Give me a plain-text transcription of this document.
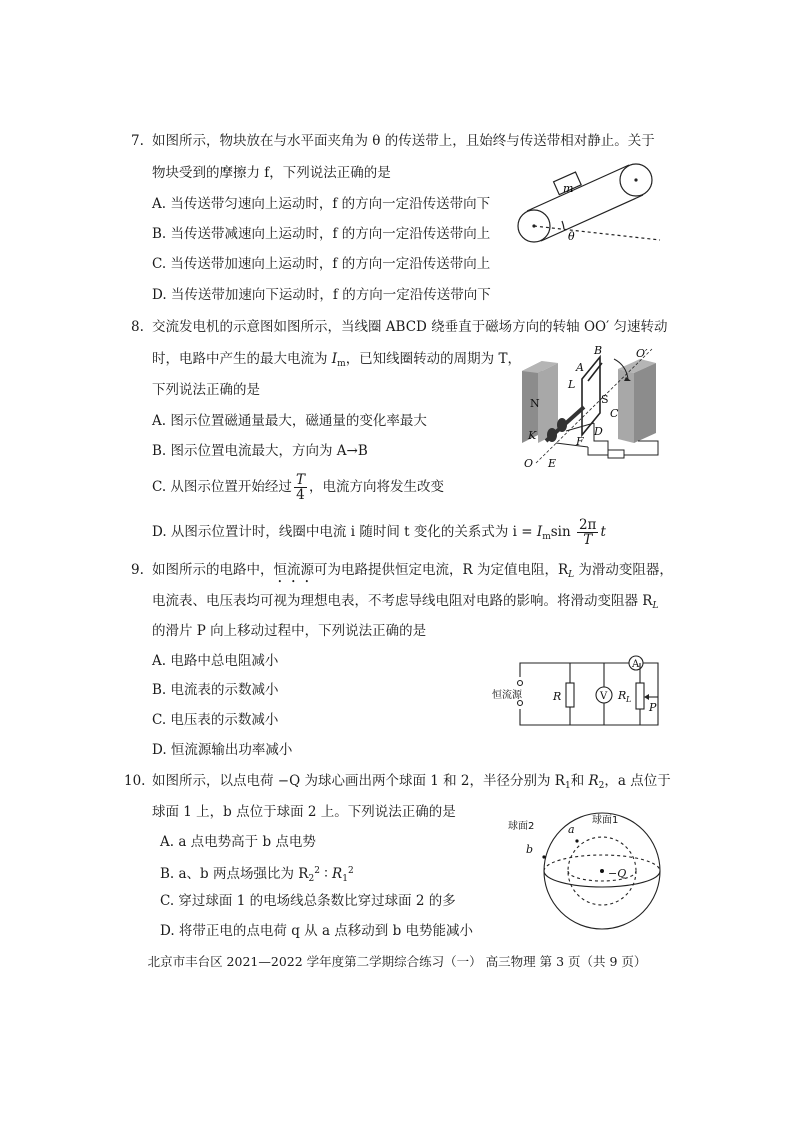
7. 如图所示，物块放在与水平面夹角为 θ 的传送带上，且始终与传送带相对静止。关于
物块受到的摩擦力 f，下列说法正确的是
A. 当传送带匀速向上运动时，f 的方向一定沿传送带向下
B. 当传送带减速向上运动时，f 的方向一定沿传送带向上
C. 当传送带加速向上运动时，f 的方向一定沿传送带向上
D. 当传送带加速向下运动时，f 的方向一定沿传送带向下
m
θ
8. 交流发电机的示意图如图所示，当线圈 ABCD 绕垂直于磁场方向的转轴 OO′ 匀速转动
时，电路中产生的最大电流为 $I_m$，已知线圈转动的周期为 T，
下列说法正确的是
A. 图示位置磁通量最大，磁通量的变化率最大
B. 图示位置电流最大，方向为 A→B
C. 从图示位置开始经过 $\frac{T}{4}$ ，电流方向将发生改变
D. 从图示位置计时，线圈中电流 i 随时间 t 变化的关系式为 $i = I_m\sin \frac{2\pi}{T}$ t
B	O′
A
N
L
S
C
D
K	F
O E
9. 如图所示的电路中，恒流源可为电路提供恒定电流，R 为定值电阻，$R_L$ 为滑动变阻器，
电流表、电压表均可视为理想电表，不考虑导线电阻对电路的影响。将滑动变阻器 $R_L$
的滑片 P 向上移动过程中，下列说法正确的是
A. 电路中总电阻减小
B. 电流表的示数减小
C. 电压表的示数减小
D. 恒流源输出功率减小
恒流源	R	V
A
R L
P
10. 如图所示，以点电荷 −Q 为球心画出两个球面 1 和 2，半径分别为 $R_1$和 $R_2$，a 点位于
球面 1 上，b 点位于球面 2 上。下列说法正确的是
A. a 点电势高于 b 点电势
B. a、b 两点场强比为 $R_2^2$ ∶ $R_1^2$
C. 穿过球面 1 的电场线总条数比穿过球面 2 的多
D. 将带正电的点电荷 q 从 a 点移动到 b 电势能减小
球面2
球面1
a
b
−Q
北京市丰台区 2021—2022 学年度第二学期综合练习（一） 高三物理 第 3 页（共 9 页）
